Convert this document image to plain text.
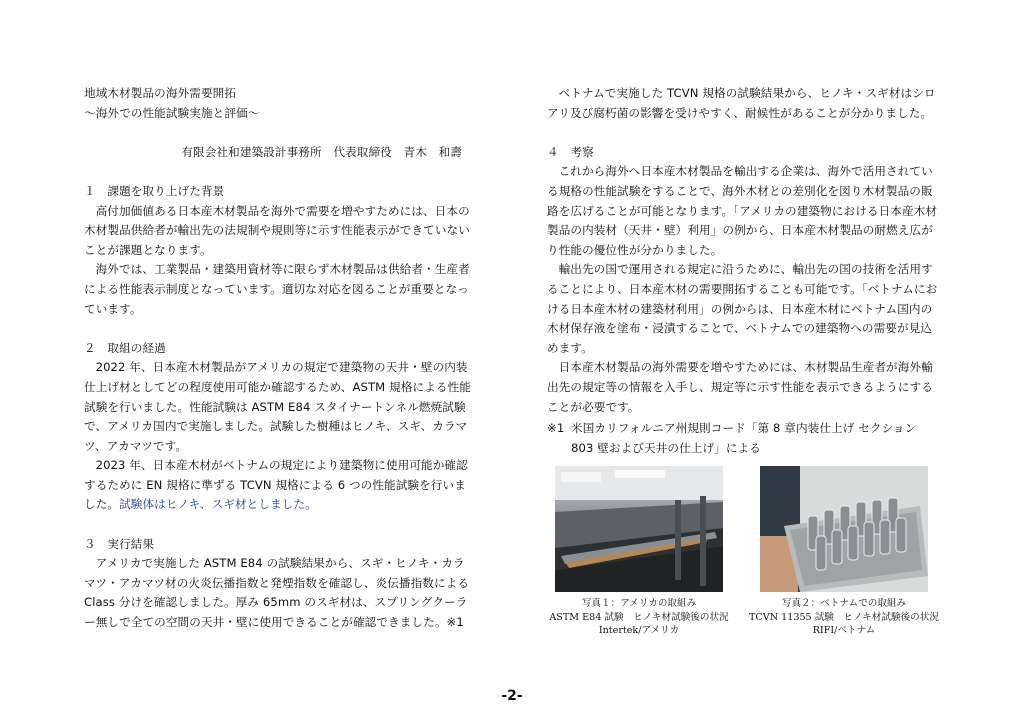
地域木材製品の海外需要開拓

～海外での性能試験実施と評価～

有限会社和建築設計事務所　代表取締役　青木　和壽

１　課題を取り上げた背景

高付加価値ある日本産木材製品を海外で需要を増やすためには、日本の木材製品供給者が輸出先の法規制や規則等に示す性能表示ができていないことが課題となります。

海外では、工業製品・建築用資材等に限らず木材製品は供給者・生産者による性能表示制度となっています。適切な対応を図ることが重要となっています。

２　取組の経過

2022 年、日本産木材製品がアメリカの規定で建築物の天井・壁の内装仕上げ材としてどの程度使用可能か確認するため、ASTM 規格による性能試験を行いました。性能試験は ASTM E84 スタイナートンネル燃焼試験で、アメリカ国内で実施しました。試験した樹種はヒノキ、スギ、カラマツ、アカマツです。

2023 年、日本産木材がベトナムの規定により建築物に使用可能か確認するために EN 規格に準ずる TCVN 規格による 6 つの性能試験を行いました。試験体はヒノキ、スギ材としました。

３　実行結果

アメリカで実施した ASTM E84 の試験結果から、スギ・ヒノキ・カラマツ・アカマツ材の火炎伝播指数と発煙指数を確認し、炎伝播指数による Class 分けを確認しました。厚み 65mm のスギ材は、スプリングクーラー無しで全ての空間の天井・壁に使用できることが確認できました。※1

ベトナムで実施した TCVN 規格の試験結果から、ヒノキ・スギ材はシロアリ及び腐朽菌の影響を受けやすく、耐候性があることが分かりました。

４　考察

これから海外へ日本産木材製品を輸出する企業は、海外で活用されている規格の性能試験をすることで、海外木材との差別化を図り木材製品の販路を広げることが可能となります。「アメリカの建築物における日本産木材製品の内装材（天井・壁）利用」の例から、日本産木材製品の耐燃え広がり性能の優位性が分かりました。

輸出先の国で運用される規定に沿うために、輸出先の国の技術を活用することにより、日本産木材の需要開拓することも可能です。「ベトナムにおける日本産木材の建築材利用」の例からは、日本産木材にベトナム国内の木材保存液を塗布・浸漬することで、ベトナムでの建築物への需要が見込めます。

日本産木材製品の海外需要を増やすためには、木材製品生産者が海外輸出先の規定等の情報を入手し、規定等に示す性能を表示できるようにすることが必要です。

※1 米国カリフォルニア州規則コード「第 8 章内装仕上げ セクション
803 壁および天井の仕上げ」による
写真１：アメリカの取組み
ASTM E84 試験　ヒノキ材試験後の状況
Intertek/アメリカ
写真２：ベトナムでの取組み
TCVN 11355 試験　ヒノキ材試験後の状況
RIFI/ベトナム
-2-
